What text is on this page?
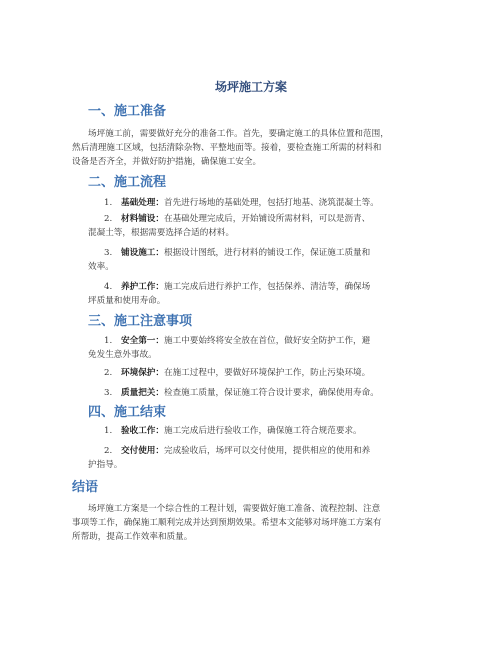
场坪施工方案
一、施工准备
场坪施工前，需要做好充分的准备工作。首先，要确定施工的具体位置和范围，
然后清理施工区域，包括清除杂物、平整地面等。接着，要检查施工所需的材料和
设备是否齐全，并做好防护措施，确保施工安全。
二、施工流程
1. 基础处理：首先进行场地的基础处理，包括打地基、浇筑混凝土等。
2. 材料铺设：在基础处理完成后，开始铺设所需材料，可以是沥青、
混凝土等，根据需要选择合适的材料。
3. 铺设施工：根据设计图纸，进行材料的铺设工作，保证施工质量和
效率。
4. 养护工作：施工完成后进行养护工作，包括保养、清洁等，确保场
坪质量和使用寿命。
三、施工注意事项
1. 安全第一：施工中要始终将安全放在首位，做好安全防护工作，避
免发生意外事故。
2. 环境保护：在施工过程中，要做好环境保护工作，防止污染环境。
3. 质量把关：检查施工质量，保证施工符合设计要求，确保使用寿命。
四、施工结束
1. 验收工作：施工完成后进行验收工作，确保施工符合规范要求。
2. 交付使用：完成验收后，场坪可以交付使用，提供相应的使用和养
护指导。
结语
场坪施工方案是一个综合性的工程计划，需要做好施工准备、流程控制、注意
事项等工作，确保施工顺利完成并达到预期效果。希望本文能够对场坪施工方案有
所帮助，提高工作效率和质量。
